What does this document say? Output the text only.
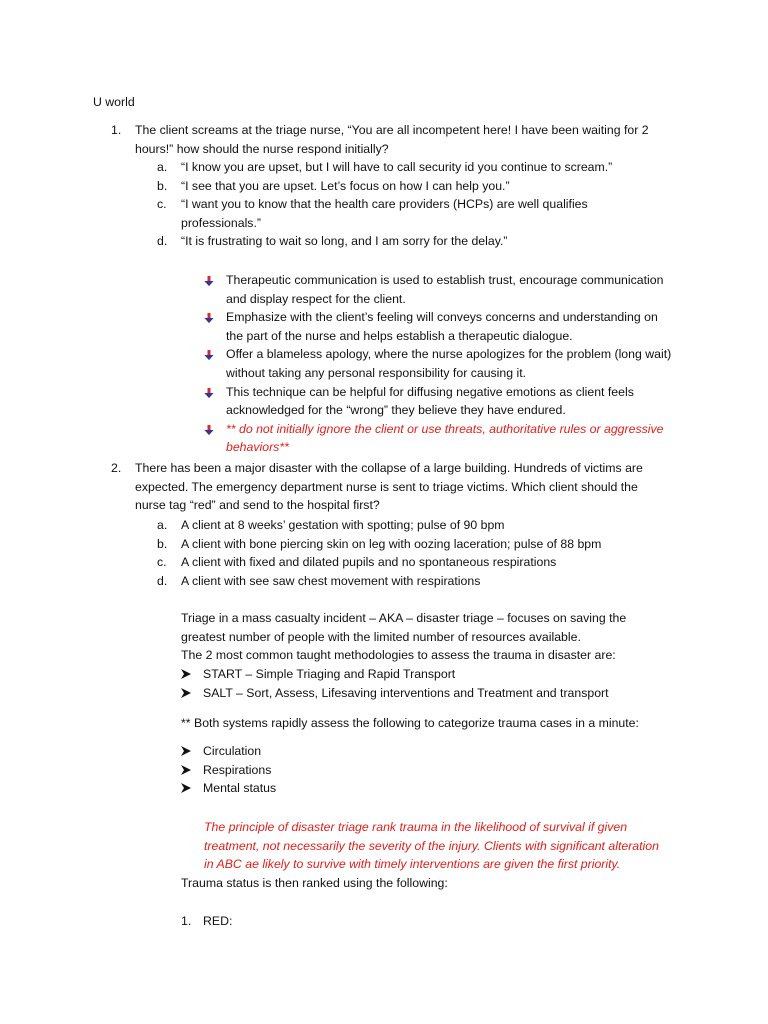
U world
1. The client screams at the triage nurse, “You are all incompetent here! I have been waiting for 2 hours!” how should the nurse respond initially?
a. “I know you are upset, but I will have to call security id you continue to scream.”
b. “I see that you are upset. Let’s focus on how I can help you.”
c. “I want you to know that the health care providers (HCPs) are well qualifies professionals.”
d. “It is frustrating to wait so long, and I am sorry for the delay.”
Therapeutic communication is used to establish trust, encourage communication and display respect for the client.
Emphasize with the client’s feeling will conveys concerns and understanding on the part of the nurse and helps establish a therapeutic dialogue.
Offer a blameless apology, where the nurse apologizes for the problem (long wait) without taking any personal responsibility for causing it.
This technique can be helpful for diffusing negative emotions as client feels acknowledged for the “wrong” they believe they have endured.
** do not initially ignore the client or use threats, authoritative rules or aggressive behaviors**
2. There has been a major disaster with the collapse of a large building. Hundreds of victims are expected. The emergency department nurse is sent to triage victims. Which client should the nurse tag “red” and send to the hospital first?
a. A client at 8 weeks’ gestation with spotting; pulse of 90 bpm
b. A client with bone piercing skin on leg with oozing laceration; pulse of 88 bpm
c. A client with fixed and dilated pupils and no spontaneous respirations
d. A client with see saw chest movement with respirations
Triage in a mass casualty incident – AKA – disaster triage – focuses on saving the greatest number of people with the limited number of resources available.
The 2 most common taught methodologies to assess the trauma in disaster are:
START – Simple Triaging and Rapid Transport
SALT – Sort, Assess, Lifesaving interventions and Treatment and transport
** Both systems rapidly assess the following to categorize trauma cases in a minute:
Circulation
Respirations
Mental status
The principle of disaster triage rank trauma in the likelihood of survival if given treatment, not necessarily the severity of the injury. Clients with significant alteration in ABC ae likely to survive with timely interventions are given the first priority.
Trauma status is then ranked using the following:
1. RED:
